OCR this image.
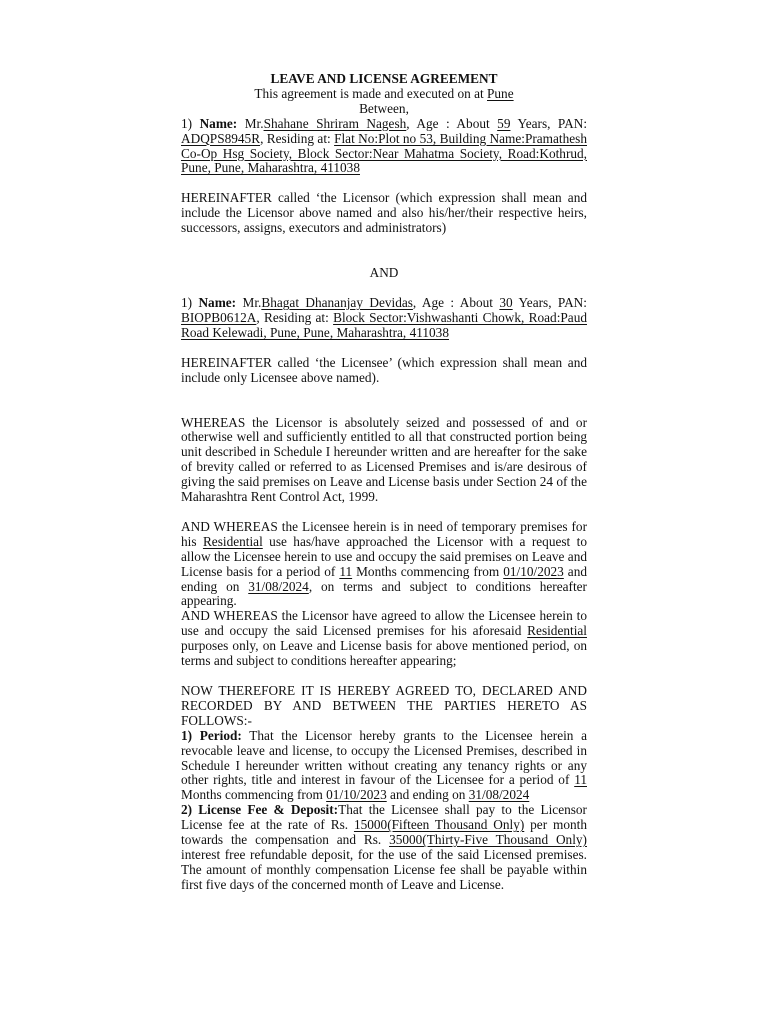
LEAVE AND LICENSE AGREEMENT

This agreement is made and executed on at Pune

Between,

1) Name: Mr.Shahane Shriram Nagesh, Age : About 59 Years, PAN: ADQPS8945R, Residing at: Flat No:Plot no 53, Building Name:Pramathesh Co-Op Hsg Society, Block Sector:Near Mahatma Society, Road:Kothrud, Pune, Pune, Maharashtra, 411038

HEREINAFTER called ‘the Licensor (which expression shall mean and include the Licensor above named and also his/her/their respective heirs, successors, assigns, executors and administrators)

AND

1) Name: Mr.Bhagat Dhananjay Devidas, Age : About 30 Years, PAN: BIOPB0612A, Residing at: Block Sector:Vishwashanti Chowk, Road:Paud Road Kelewadi, Pune, Pune, Maharashtra, 411038

HEREINAFTER called ‘the Licensee’ (which expression shall mean and include only Licensee above named).

WHEREAS the Licensor is absolutely seized and possessed of and or otherwise well and sufficiently entitled to all that constructed portion being unit described in Schedule I hereunder written and are hereafter for the sake of brevity called or referred to as Licensed Premises and is/are desirous of giving the said premises on Leave and License basis under Section 24 of the Maharashtra Rent Control Act, 1999.

AND WHEREAS the Licensee herein is in need of temporary premises for his Residential use has/have approached the Licensor with a request to allow the Licensee herein to use and occupy the said premises on Leave and License basis for a period of 11 Months commencing from 01/10/2023 and ending on 31/08/2024, on terms and subject to conditions hereafter appearing.

AND WHEREAS the Licensor have agreed to allow the Licensee herein to use and occupy the said Licensed premises for his aforesaid Residential purposes only, on Leave and License basis for above mentioned period, on terms and subject to conditions hereafter appearing;

NOW THEREFORE IT IS HEREBY AGREED TO, DECLARED AND RECORDED BY AND BETWEEN THE PARTIES HERETO AS FOLLOWS:-

1) Period: That the Licensor hereby grants to the Licensee herein a revocable leave and license, to occupy the Licensed Premises, described in Schedule I hereunder written without creating any tenancy rights or any other rights, title and interest in favour of the Licensee for a period of 11 Months commencing from 01/10/2023 and ending on 31/08/2024

2) License Fee & Deposit:That the Licensee shall pay to the Licensor License fee at the rate of Rs. 15000(Fifteen Thousand Only) per month towards the compensation and Rs. 35000(Thirty-Five Thousand Only) interest free refundable deposit, for the use of the said Licensed premises. The amount of monthly compensation License fee shall be payable within first five days of the concerned month of Leave and License.
